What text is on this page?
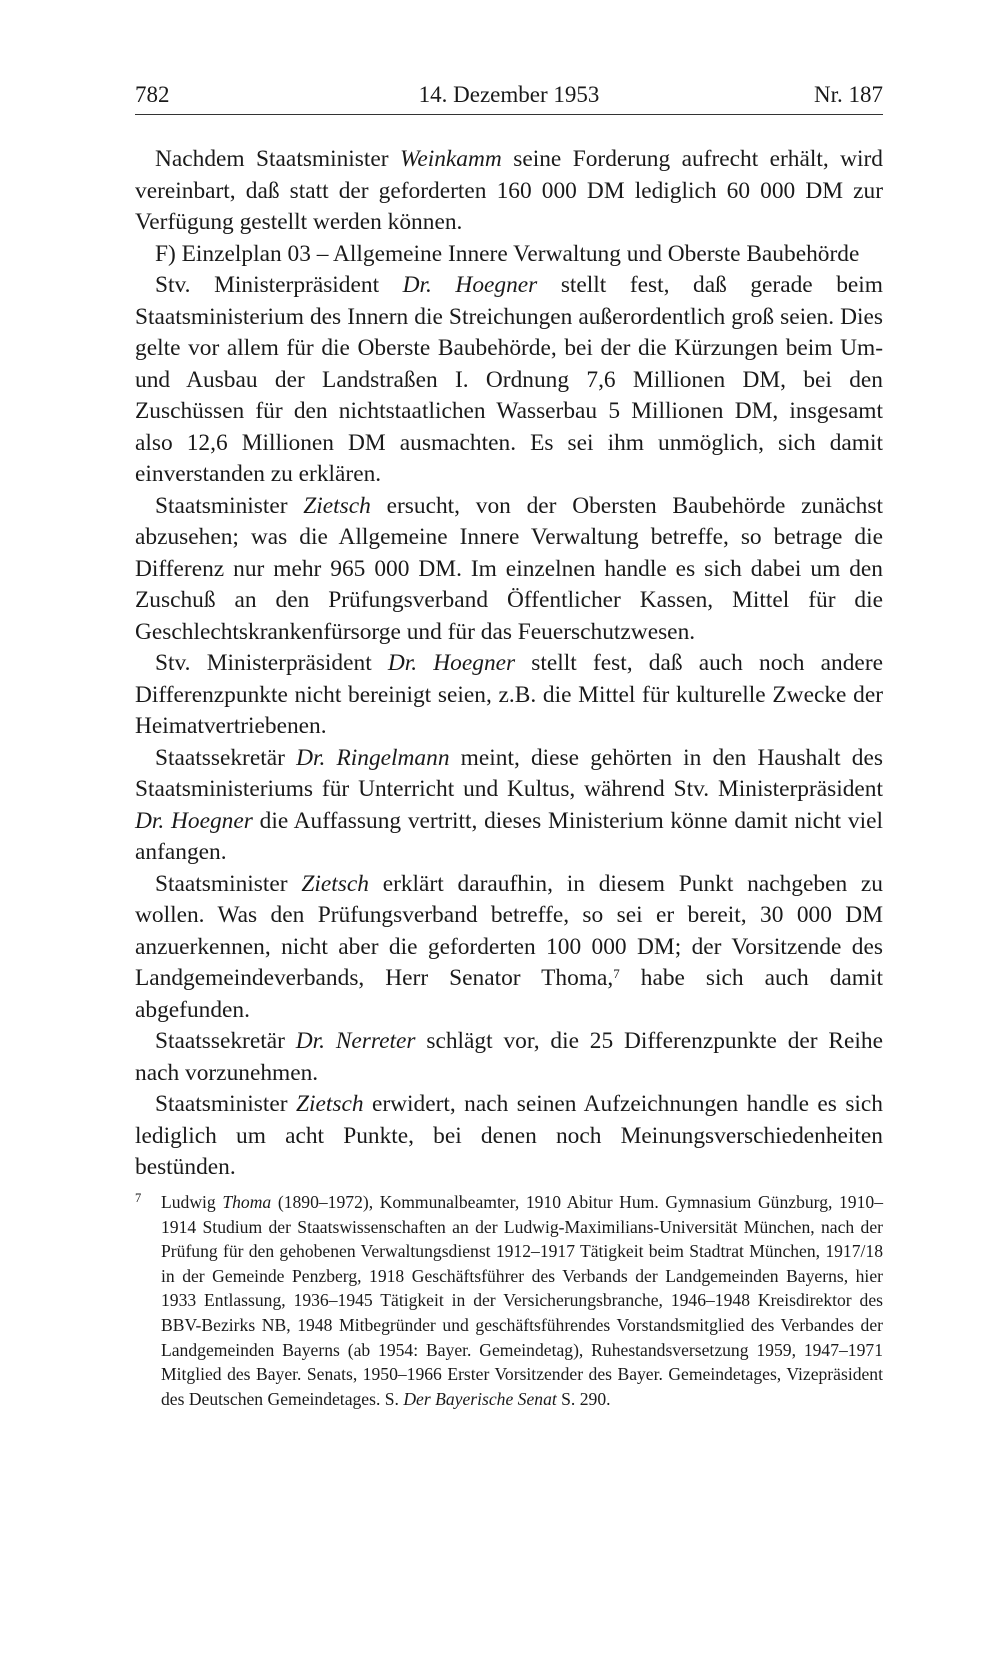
782	14. Dezember 1953	Nr. 187

Nachdem Staatsminister Weinkamm seine Forderung aufrecht erhält, wird vereinbart, daß statt der geforderten 160 000 DM lediglich 60 000 DM zur Verfügung gestellt werden können.

F) Einzelplan 03 – Allgemeine Innere Verwaltung und Oberste Baubehörde

Stv. Ministerpräsident Dr. Hoegner stellt fest, daß gerade beim Staatsministerium des Innern die Streichungen außerordentlich groß seien. Dies gelte vor allem für die Oberste Baubehörde, bei der die Kürzungen beim Um- und Ausbau der Landstraßen I. Ordnung 7,6 Millionen DM, bei den Zuschüssen für den nichtstaatlichen Wasserbau 5 Millionen DM, insgesamt also 12,6 Millionen DM ausmachten. Es sei ihm unmöglich, sich damit einverstanden zu erklären.

Staatsminister Zietsch ersucht, von der Obersten Baubehörde zunächst abzusehen; was die Allgemeine Innere Verwaltung betreffe, so betrage die Differenz nur mehr 965 000 DM. Im einzelnen handle es sich dabei um den Zuschuß an den Prüfungsverband Öffentlicher Kassen, Mittel für die Geschlechtskrankenfürsorge und für das Feuerschutzwesen.

Stv. Ministerpräsident Dr. Hoegner stellt fest, daß auch noch andere Differenzpunkte nicht bereinigt seien, z.B. die Mittel für kulturelle Zwecke der Heimatvertriebenen.

Staatssekretär Dr. Ringelmann meint, diese gehörten in den Haushalt des Staatsministeriums für Unterricht und Kultus, während Stv. Ministerpräsident Dr. Hoegner die Auffassung vertritt, dieses Ministerium könne damit nicht viel anfangen.

Staatsminister Zietsch erklärt daraufhin, in diesem Punkt nachgeben zu wollen. Was den Prüfungsverband betreffe, so sei er bereit, 30 000 DM anzuerkennen, nicht aber die geforderten 100 000 DM; der Vorsitzende des Landgemeindeverbands, Herr Senator Thoma,$^7$ habe sich auch damit abgefunden.

Staatssekretär Dr. Nerreter schlägt vor, die 25 Differenzpunkte der Reihe nach vorzunehmen.

Staatsminister Zietsch erwidert, nach seinen Aufzeichnungen handle es sich lediglich um acht Punkte, bei denen noch Meinungsverschiedenheiten bestünden.

7 Ludwig Thoma (1890–1972), Kommunalbeamter, 1910 Abitur Hum. Gymnasium Günzburg, 1910–1914 Studium der Staatswissenschaften an der Ludwig-Maximilians-Universität München, nach der Prüfung für den gehobenen Verwaltungsdienst 1912–1917 Tätigkeit beim Stadtrat München, 1917/18 in der Gemeinde Penzberg, 1918 Geschäftsführer des Verbands der Landgemeinden Bayerns, hier 1933 Entlassung, 1936–1945 Tätigkeit in der Versicherungsbranche, 1946–1948 Kreisdirektor des BBV-Bezirks NB, 1948 Mitbegründer und geschäftsführendes Vorstandsmitglied des Verbandes der Landgemeinden Bayerns (ab 1954: Bayer. Gemeindetag), Ruhestandsversetzung 1959, 1947–1971 Mitglied des Bayer. Senats, 1950–1966 Erster Vorsitzender des Bayer. Gemeindetages, Vizepräsident des Deutschen Gemeindetages. S. Der Bayerische Senat S. 290.
